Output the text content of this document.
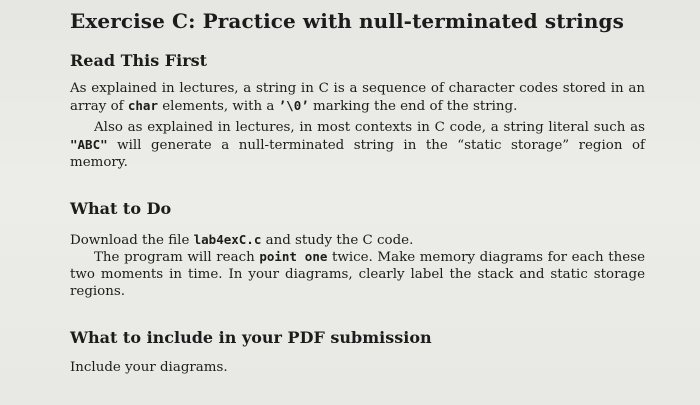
Exercise C: Practice with null-terminated strings
Read This First
As explained in lectures, a string in C is a sequence of character codes stored in an array of char elements, with a ’\0’ marking the end of the string.
Also as explained in lectures, in most contexts in C code, a string literal such as "ABC" will generate a null-terminated string in the “static storage” region of memory.
What to Do
Download the file lab4exC.c and study the C code.
The program will reach point one twice. Make memory diagrams for each these two moments in time. In your diagrams, clearly label the stack and static storage regions.
What to include in your PDF submission
Include your diagrams.
